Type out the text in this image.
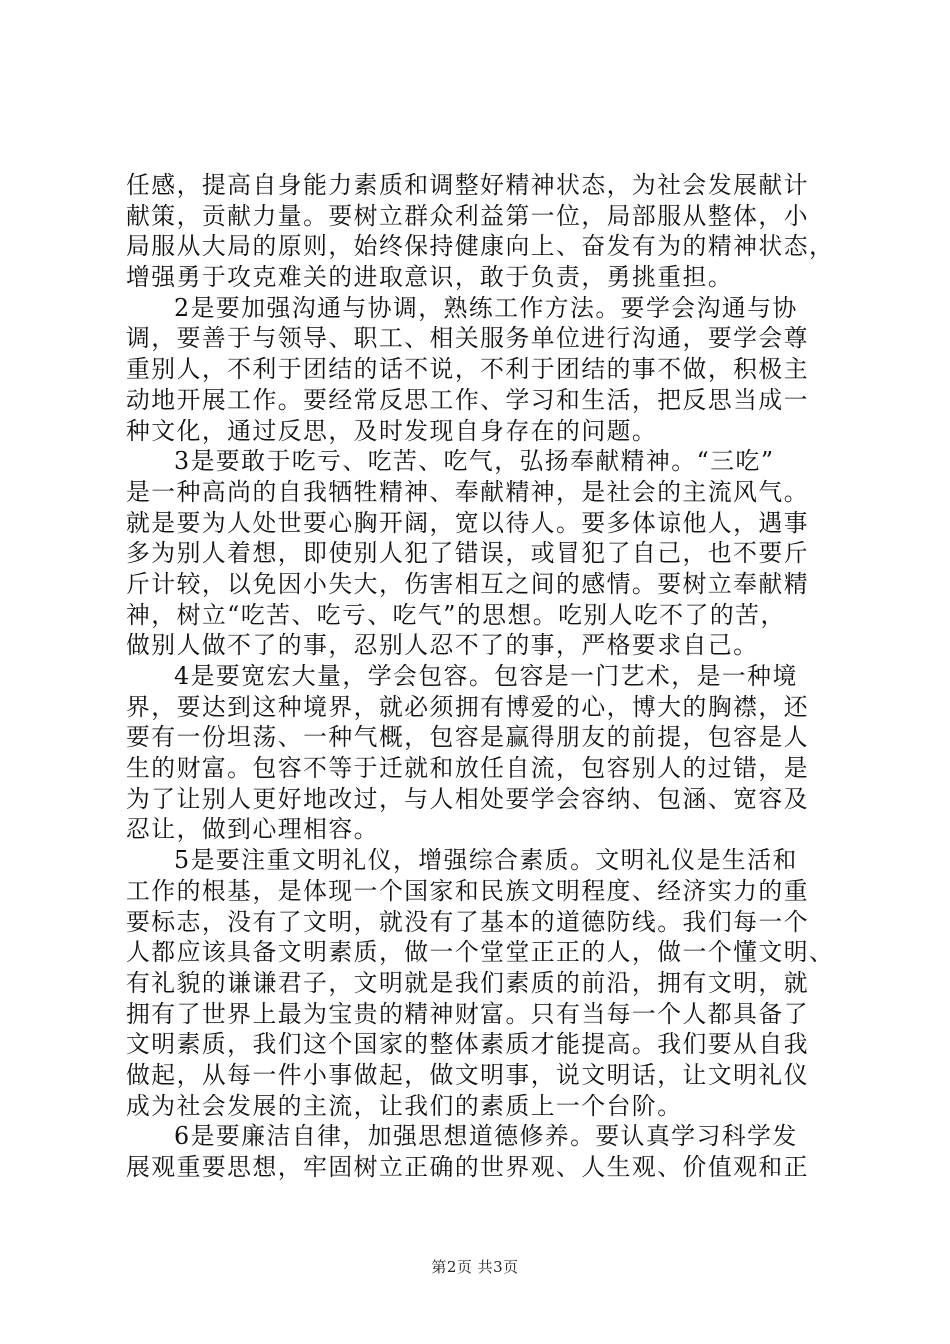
任感，提高自身能力素质和调整好精神状态，为社会发展献计
献策，贡献力量。要树立群众利益第一位，局部服从整体，小
局服从大局的原则，始终保持健康向上、奋发有为的精神状态，
增强勇于攻克难关的进取意识，敢于负责，勇挑重担。
2是要加强沟通与协调，熟练工作方法。要学会沟通与协
调，要善于与领导、职工、相关服务单位进行沟通，要学会尊
重别人，不利于团结的话不说，不利于团结的事不做，积极主
动地开展工作。要经常反思工作、学习和生活，把反思当成一
种文化，通过反思，及时发现自身存在的问题。
3是要敢于吃亏、吃苦、吃气，弘扬奉献精神。“三吃”
是一种高尚的自我牺牲精神、奉献精神，是社会的主流风气。
就是要为人处世要心胸开阔，宽以待人。要多体谅他人，遇事
多为别人着想，即使别人犯了错误，或冒犯了自己，也不要斤
斤计较，以免因小失大，伤害相互之间的感情。要树立奉献精
神，树立“吃苦、吃亏、吃气”的思想。吃别人吃不了的苦，
做别人做不了的事，忍别人忍不了的事，严格要求自己。
4是要宽宏大量，学会包容。包容是一门艺术，是一种境
界，要达到这种境界，就必须拥有博爱的心，博大的胸襟，还
要有一份坦荡、一种气概，包容是赢得朋友的前提，包容是人
生的财富。包容不等于迁就和放任自流，包容别人的过错，是
为了让别人更好地改过，与人相处要学会容纳、包涵、宽容及
忍让，做到心理相容。
5是要注重文明礼仪，增强综合素质。文明礼仪是生活和
工作的根基，是体现一个国家和民族文明程度、经济实力的重
要标志，没有了文明，就没有了基本的道德防线。我们每一个
人都应该具备文明素质，做一个堂堂正正的人，做一个懂文明、
有礼貌的谦谦君子，文明就是我们素质的前沿，拥有文明，就
拥有了世界上最为宝贵的精神财富。只有当每一个人都具备了
文明素质，我们这个国家的整体素质才能提高。我们要从自我
做起，从每一件小事做起，做文明事，说文明话，让文明礼仪
成为社会发展的主流，让我们的素质上一个台阶。
6是要廉洁自律，加强思想道德修养。要认真学习科学发
展观重要思想，牢固树立正确的世界观、人生观、价值观和正
第2页 共3页
